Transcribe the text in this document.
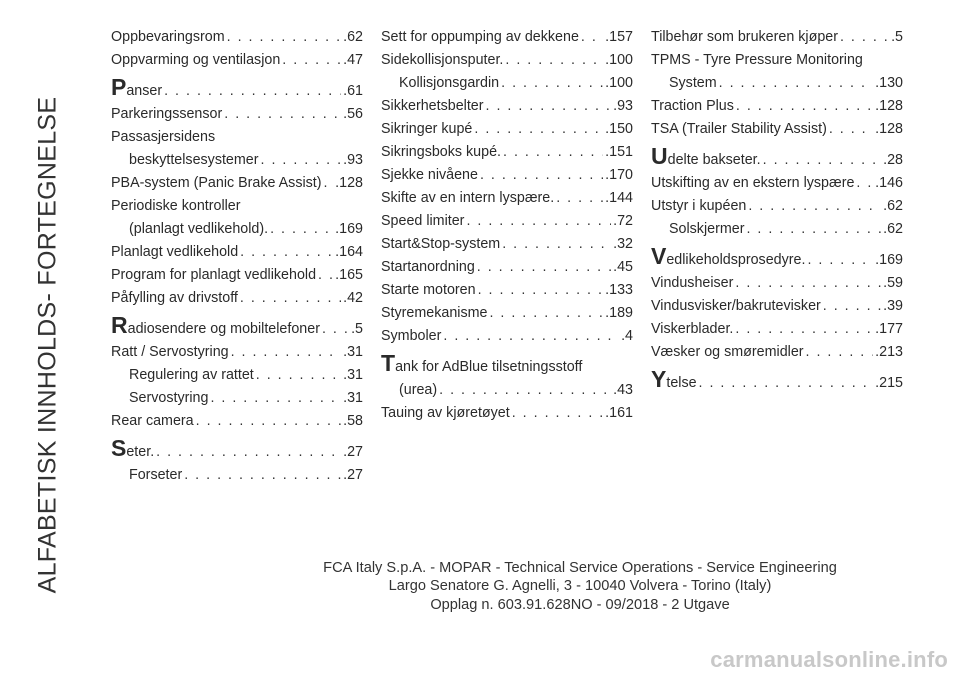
ALFABETISK INNHOLDS- FORTEGNELSE
Oppbevaringsrom . . .	.62
Oppvarming og ventilasjon . . .	.47
Panser . . .	.61
Parkeringssensor . . .	.56
Passasjersidens
beskyttelsesystemer . . .	.93
PBA-system (Panic Brake Assist) . . . .128
Periodiske kontroller
(planlagt vedlikehold). . . .	.169
Planlagt vedlikehold . . .	.164
Program for planlagt vedlikehold . . . .165
Påfylling av drivstoff . . .	.42
Radiosendere og mobiltelefoner . . . .5
Ratt / Servostyring . . .	.31
Regulering av rattet . . .	.31
Servostyring . . .	.31
Rear camera . . .	.58
Seter. . . .	.27
Forseter . . .	.27
Sett for oppumping av dekkene . . . .157
Sidekollisjonsputer. . . .	.100
Kollisjonsgardin . . .	.100
Sikkerhetsbelter . . .	.93
Sikringer kupé . . .	.150
Sikringsboks kupé. . . .	.151
Sjekke nivåene . . .	.170
Skifte av en intern lyspære. . . .	.144
Speed limiter . . .	.72
Start&Stop-system . . .	.32
Startanordning . . .	.45
Starte motoren . . .	.133
Styremekanisme . . .	.189
Symboler . . .	.4
Tank for AdBlue tilsetningsstoff
(urea) . . .	.43
Tauing av kjøretøyet . . .	.161
Tilbehør som brukeren kjøper . . .	.5
TPMS - Tyre Pressure Monitoring
System . . .	.130
Traction Plus . . .	.128
TSA (Trailer Stability Assist) . . .	.128
Udelte bakseter. . . .	.28
Utskifting av en ekstern lyspære . . . .146
Utstyr i kupéen . . .	.62
Solskjermer . . .	.62
Vedlikeholdsprosedyre. . . .	.169
Vindusheiser . . .	.59
Vindusvisker/bakrutevisker . . .	.39
Viskerblader. . . .	.177
Væsker og smøremidler . . .	.213
Ytelse . . .	.215
FCA Italy S.p.A. - MOPAR - Technical Service Operations - Service Engineering
Largo Senatore G. Agnelli, 3 - 10040 Volvera - Torino (Italy)
Opplag n. 603.91.628NO - 09/2018 - 2 Utgave
carmanualsonline.info
